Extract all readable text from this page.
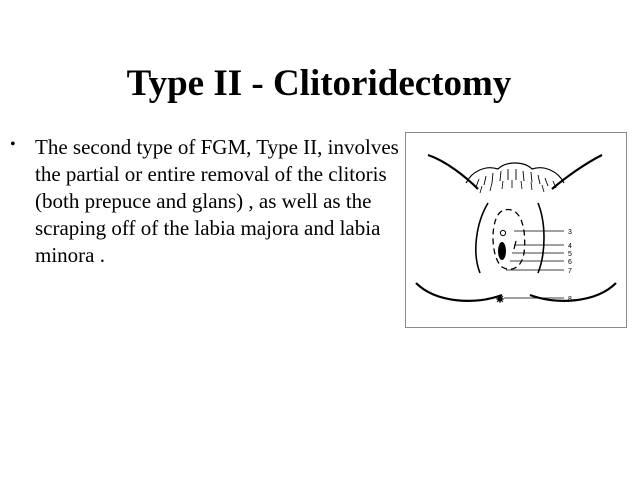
Type II - Clitoridectomy
• The second type of FGM, Type II, involves the partial or entire removal of the clitoris (both prepuce and glans) , as well as the scraping off of the labia majora and labia minora .

3
4
5
6
7
8
